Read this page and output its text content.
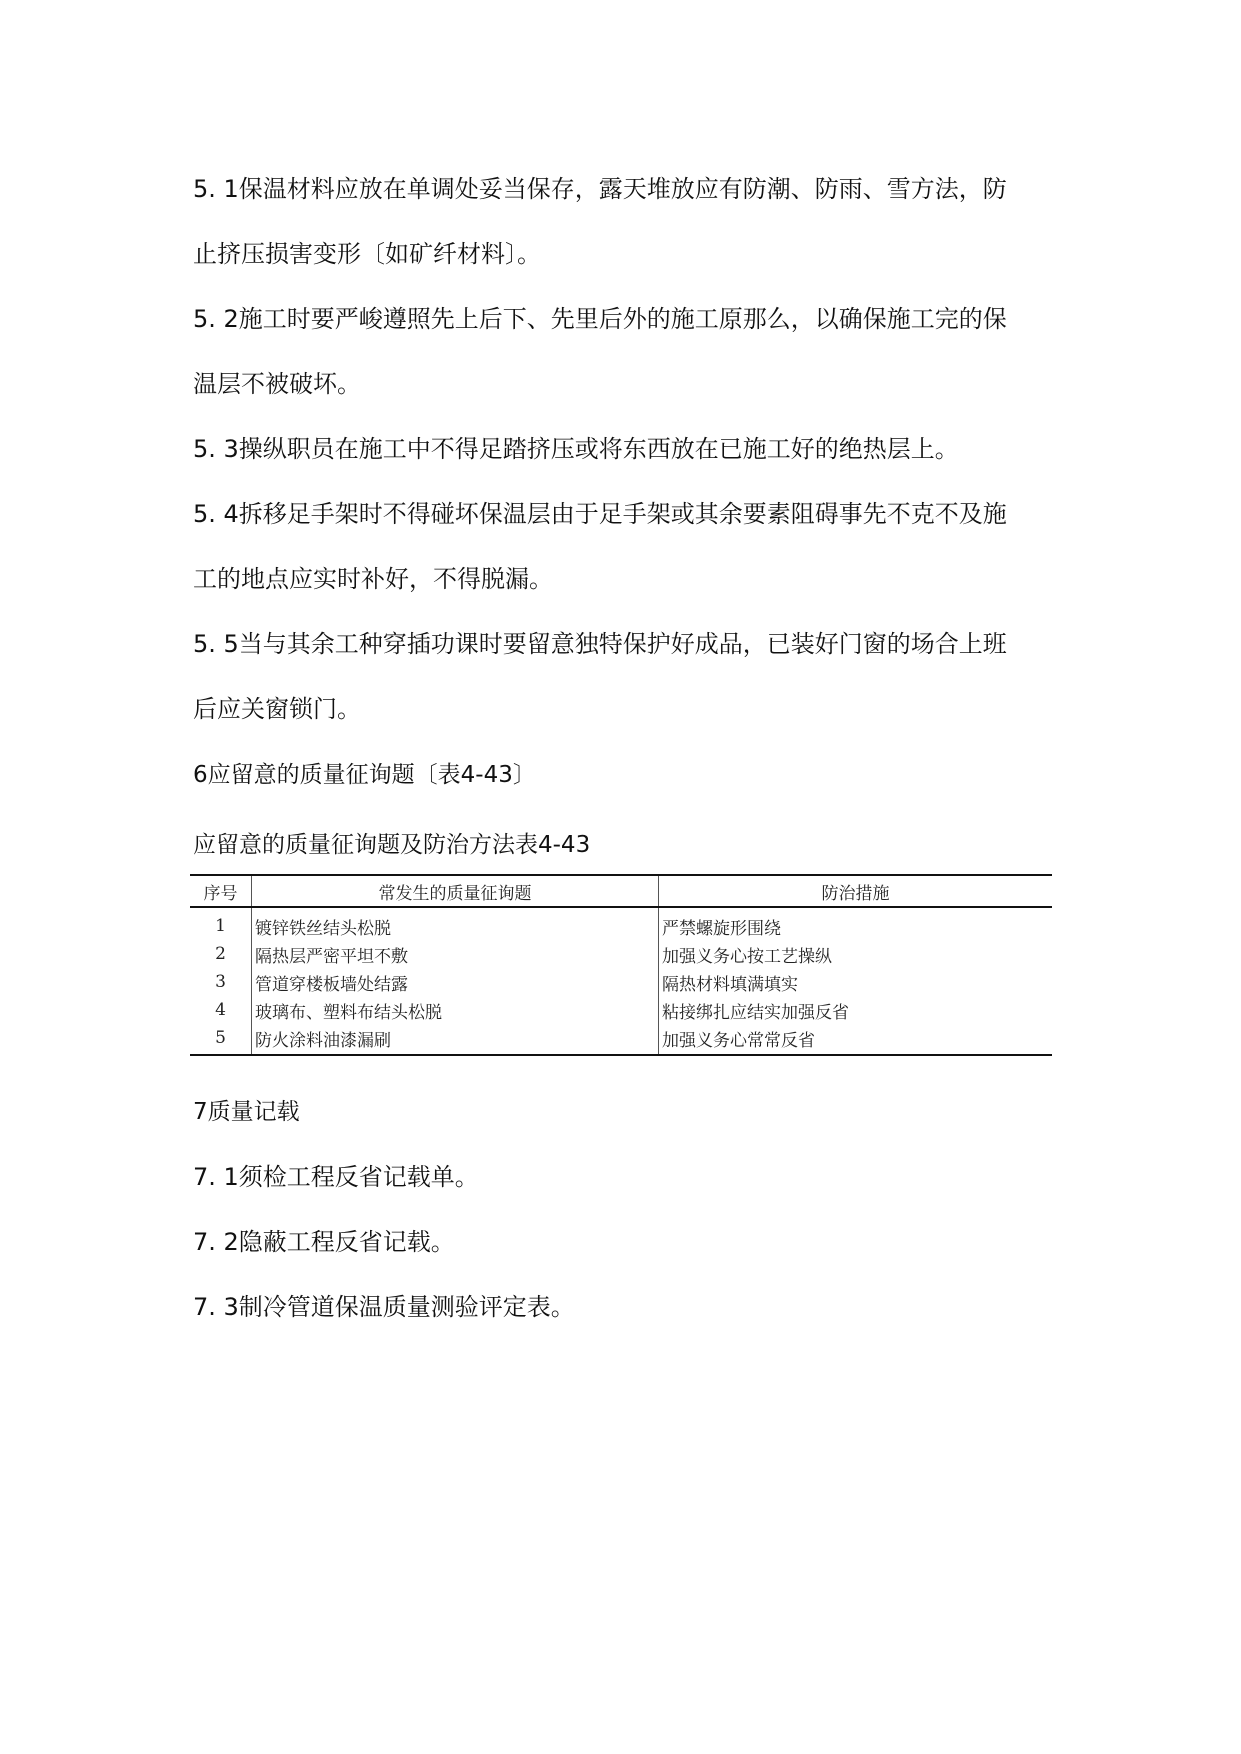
5. 1保温材料应放在单调处妥当保存，露天堆放应有防潮、防雨、雪方法，防
止挤压损害变形〔如矿纤材料〕。
5. 2施工时要严峻遵照先上后下、先里后外的施工原那么，以确保施工完的保
温层不被破坏。
5. 3操纵职员在施工中不得足踏挤压或将东西放在已施工好的绝热层上。
5. 4拆移足手架时不得碰坏保温层由于足手架或其余要素阻碍事先不克不及施
工的地点应实时补好，不得脱漏。
5. 5当与其余工种穿插功课时要留意独特保护好成品，已装好门窗的场合上班
后应关窗锁门。
6应留意的质量征询题〔表4-43〕
应留意的质量征询题及防治方法表4-43
序号	常发生的质量征询题	防治措施
1	镀锌铁丝结头松脱	严禁螺旋形围绕
2	隔热层严密平坦不敷	加强义务心按工艺操纵
3	管道穿楼板墙处结露	隔热材料填满填实
4	玻璃布、塑料布结头松脱	粘接绑扎应结实加强反省
5	防火涂料油漆漏刷	加强义务心常常反省
7质量记载
7. 1须检工程反省记载单。
7. 2隐蔽工程反省记载。
7. 3制冷管道保温质量测验评定表。
